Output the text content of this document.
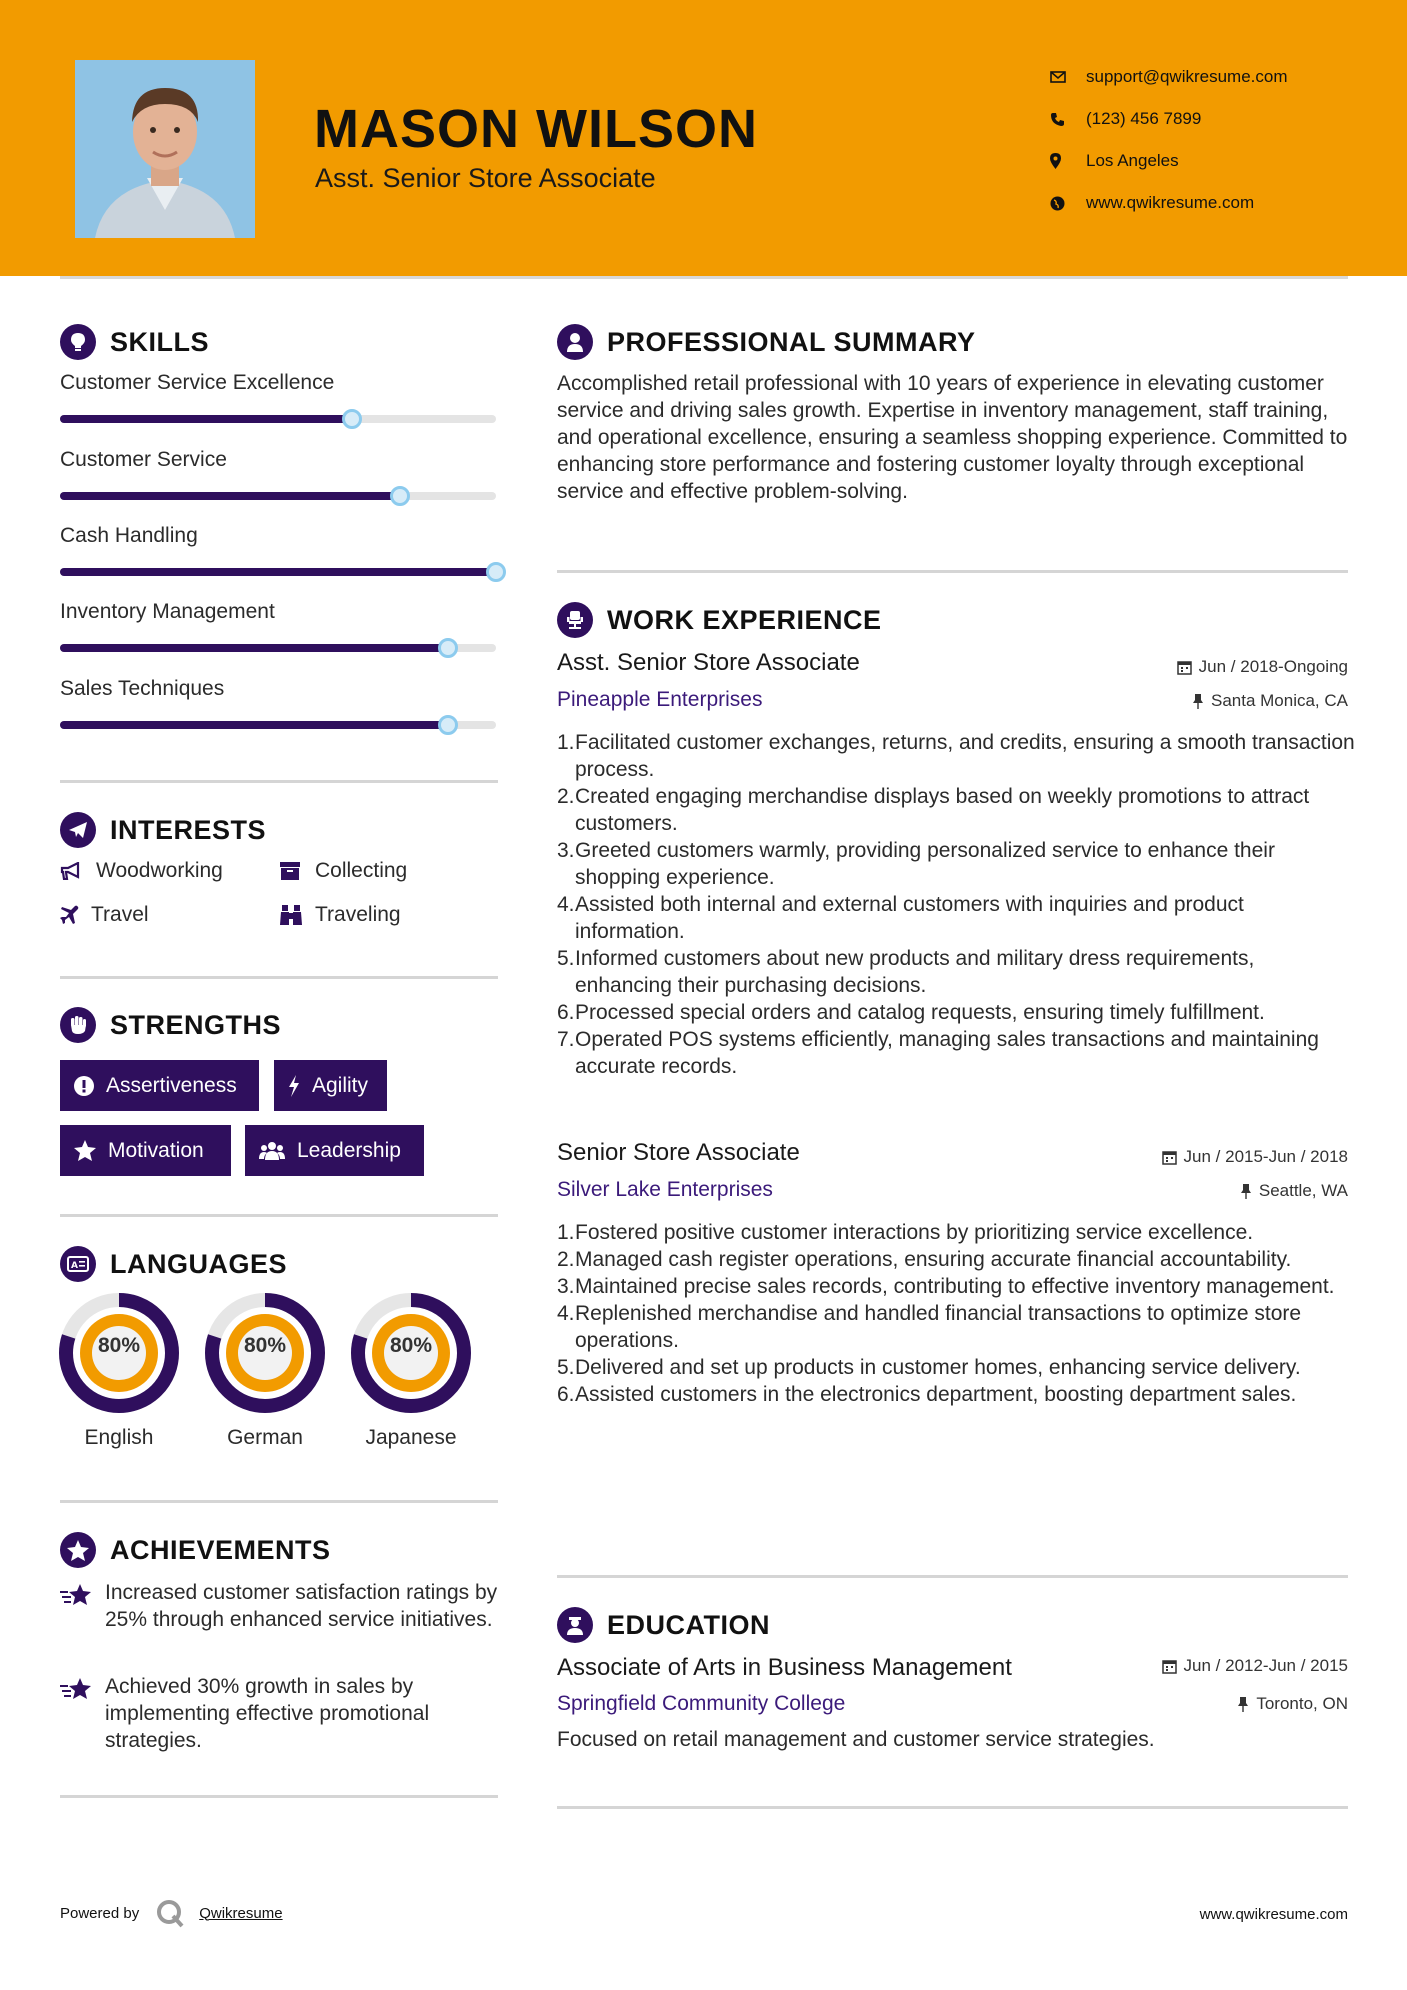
MASON WILSON
Asst. Senior Store Associate
support@qwikresume.com
(123) 456 7899
Los Angeles
www.qwikresume.com
SKILLS
Customer Service Excellence
Customer Service
Cash Handling
Inventory Management
Sales Techniques
INTERESTS
Woodworking	Collecting
Travel	Traveling
STRENGTHS
Assertiveness	Agility
Motivation	Leadership
A LANGUAGES
80%
English
80%
German
80%
Japanese
ACHIEVEMENTS
Increased customer satisfaction ratings by 25% through enhanced service initiatives.
Achieved 30% growth in sales by implementing effective promotional strategies.
PROFESSIONAL SUMMARY
Accomplished retail professional with 10 years of experience in elevating customer service and driving sales growth. Expertise in inventory management, staff training, and operational excellence, ensuring a seamless shopping experience. Committed to enhancing store performance and fostering customer loyalty through exceptional service and effective problem-solving.
WORK EXPERIENCE
Asst. Senior Store Associate	Jun / 2018-Ongoing
Pineapple Enterprises	Santa Monica, CA
1. Facilitated customer exchanges, returns, and credits, ensuring a smooth transaction process.
2. Created engaging merchandise displays based on weekly promotions to attract customers.
3. Greeted customers warmly, providing personalized service to enhance their shopping experience.
4. Assisted both internal and external customers with inquiries and product information.
5. Informed customers about new products and military dress requirements, enhancing their purchasing decisions.
6. Processed special orders and catalog requests, ensuring timely fulfillment.
7. Operated POS systems efficiently, managing sales transactions and maintaining accurate records.
Senior Store Associate	Jun / 2015-Jun / 2018
Silver Lake Enterprises	Seattle, WA
1. Fostered positive customer interactions by prioritizing service excellence.
2. Managed cash register operations, ensuring accurate financial accountability.
3. Maintained precise sales records, contributing to effective inventory management.
4. Replenished merchandise and handled financial transactions to optimize store operations.
5. Delivered and set up products in customer homes, enhancing service delivery.
6. Assisted customers in the electronics department, boosting department sales.
EDUCATION
Associate of Arts in Business Management	Jun / 2012-Jun / 2015
Springfield Community College	Toronto, ON
Focused on retail management and customer service strategies.
Powered by	Qwikresume	www.qwikresume.com
